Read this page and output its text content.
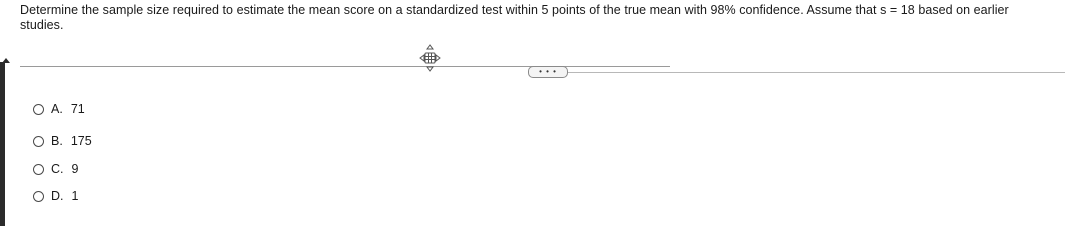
Determine the sample size required to estimate the mean score on a standardized test within 5 points of the true mean with 98% confidence. Assume that s = 18 based on earlier studies.
• • •
A. 71
B. 175
C. 9
D. 1
